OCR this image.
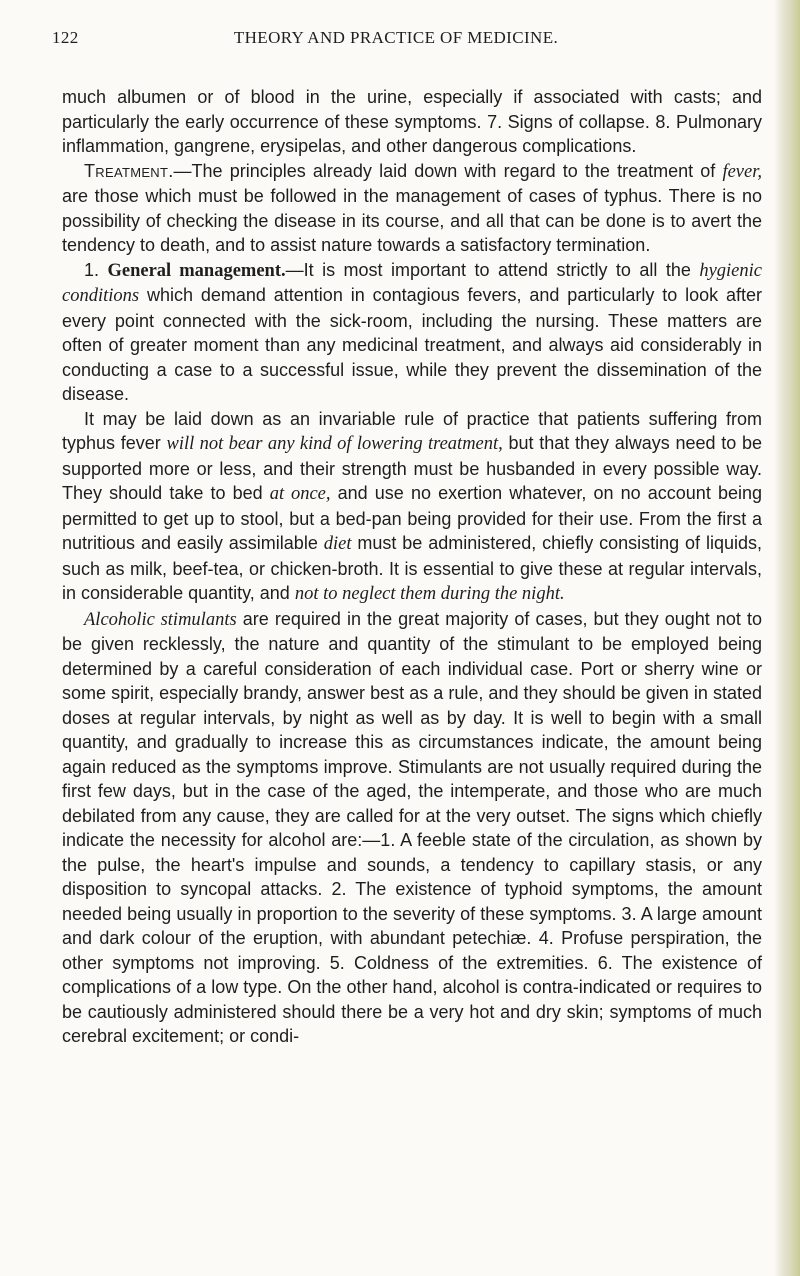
122	THEORY AND PRACTICE OF MEDICINE.

much albumen or of blood in the urine, especially if associated with casts; and particularly the early occurrence of these symptoms. 7. Signs of collapse. 8. Pulmonary inflammation, gangrene, erysipelas, and other dangerous complications.

Treatment.—The principles already laid down with regard to the treatment of fever, are those which must be followed in the management of cases of typhus. There is no possibility of checking the disease in its course, and all that can be done is to avert the tendency to death, and to assist nature towards a satisfactory termination.

1. General management.—It is most important to attend strictly to all the hygienic conditions which demand attention in contagious fevers, and particularly to look after every point connected with the sick-room, including the nursing. These matters are often of greater moment than any medicinal treatment, and always aid considerably in conducting a case to a successful issue, while they prevent the dissemination of the disease.

It may be laid down as an invariable rule of practice that patients suffering from typhus fever will not bear any kind of lowering treatment, but that they always need to be supported more or less, and their strength must be husbanded in every possible way. They should take to bed at once, and use no exertion whatever, on no account being permitted to get up to stool, but a bed-pan being provided for their use. From the first a nutritious and easily assimilable diet must be administered, chiefly consisting of liquids, such as milk, beef-tea, or chicken-broth. It is essential to give these at regular intervals, in considerable quantity, and not to neglect them during the night.

Alcoholic stimulants are required in the great majority of cases, but they ought not to be given recklessly, the nature and quantity of the stimulant to be employed being determined by a careful consideration of each individual case. Port or sherry wine or some spirit, especially brandy, answer best as a rule, and they should be given in stated doses at regular intervals, by night as well as by day. It is well to begin with a small quantity, and gradually to increase this as circumstances indicate, the amount being again reduced as the symptoms improve. Stimulants are not usually required during the first few days, but in the case of the aged, the intemperate, and those who are much debilated from any cause, they are called for at the very outset. The signs which chiefly indicate the necessity for alcohol are:—1. A feeble state of the circulation, as shown by the pulse, the heart's impulse and sounds, a tendency to capillary stasis, or any disposition to syncopal attacks. 2. The existence of typhoid symptoms, the amount needed being usually in proportion to the severity of these symptoms. 3. A large amount and dark colour of the eruption, with abundant petechiæ. 4. Profuse perspiration, the other symptoms not improving. 5. Coldness of the extremities. 6. The existence of complications of a low type. On the other hand, alcohol is contra-indicated or requires to be cautiously administered should there be a very hot and dry skin; symptoms of much cerebral excitement; or condi-
